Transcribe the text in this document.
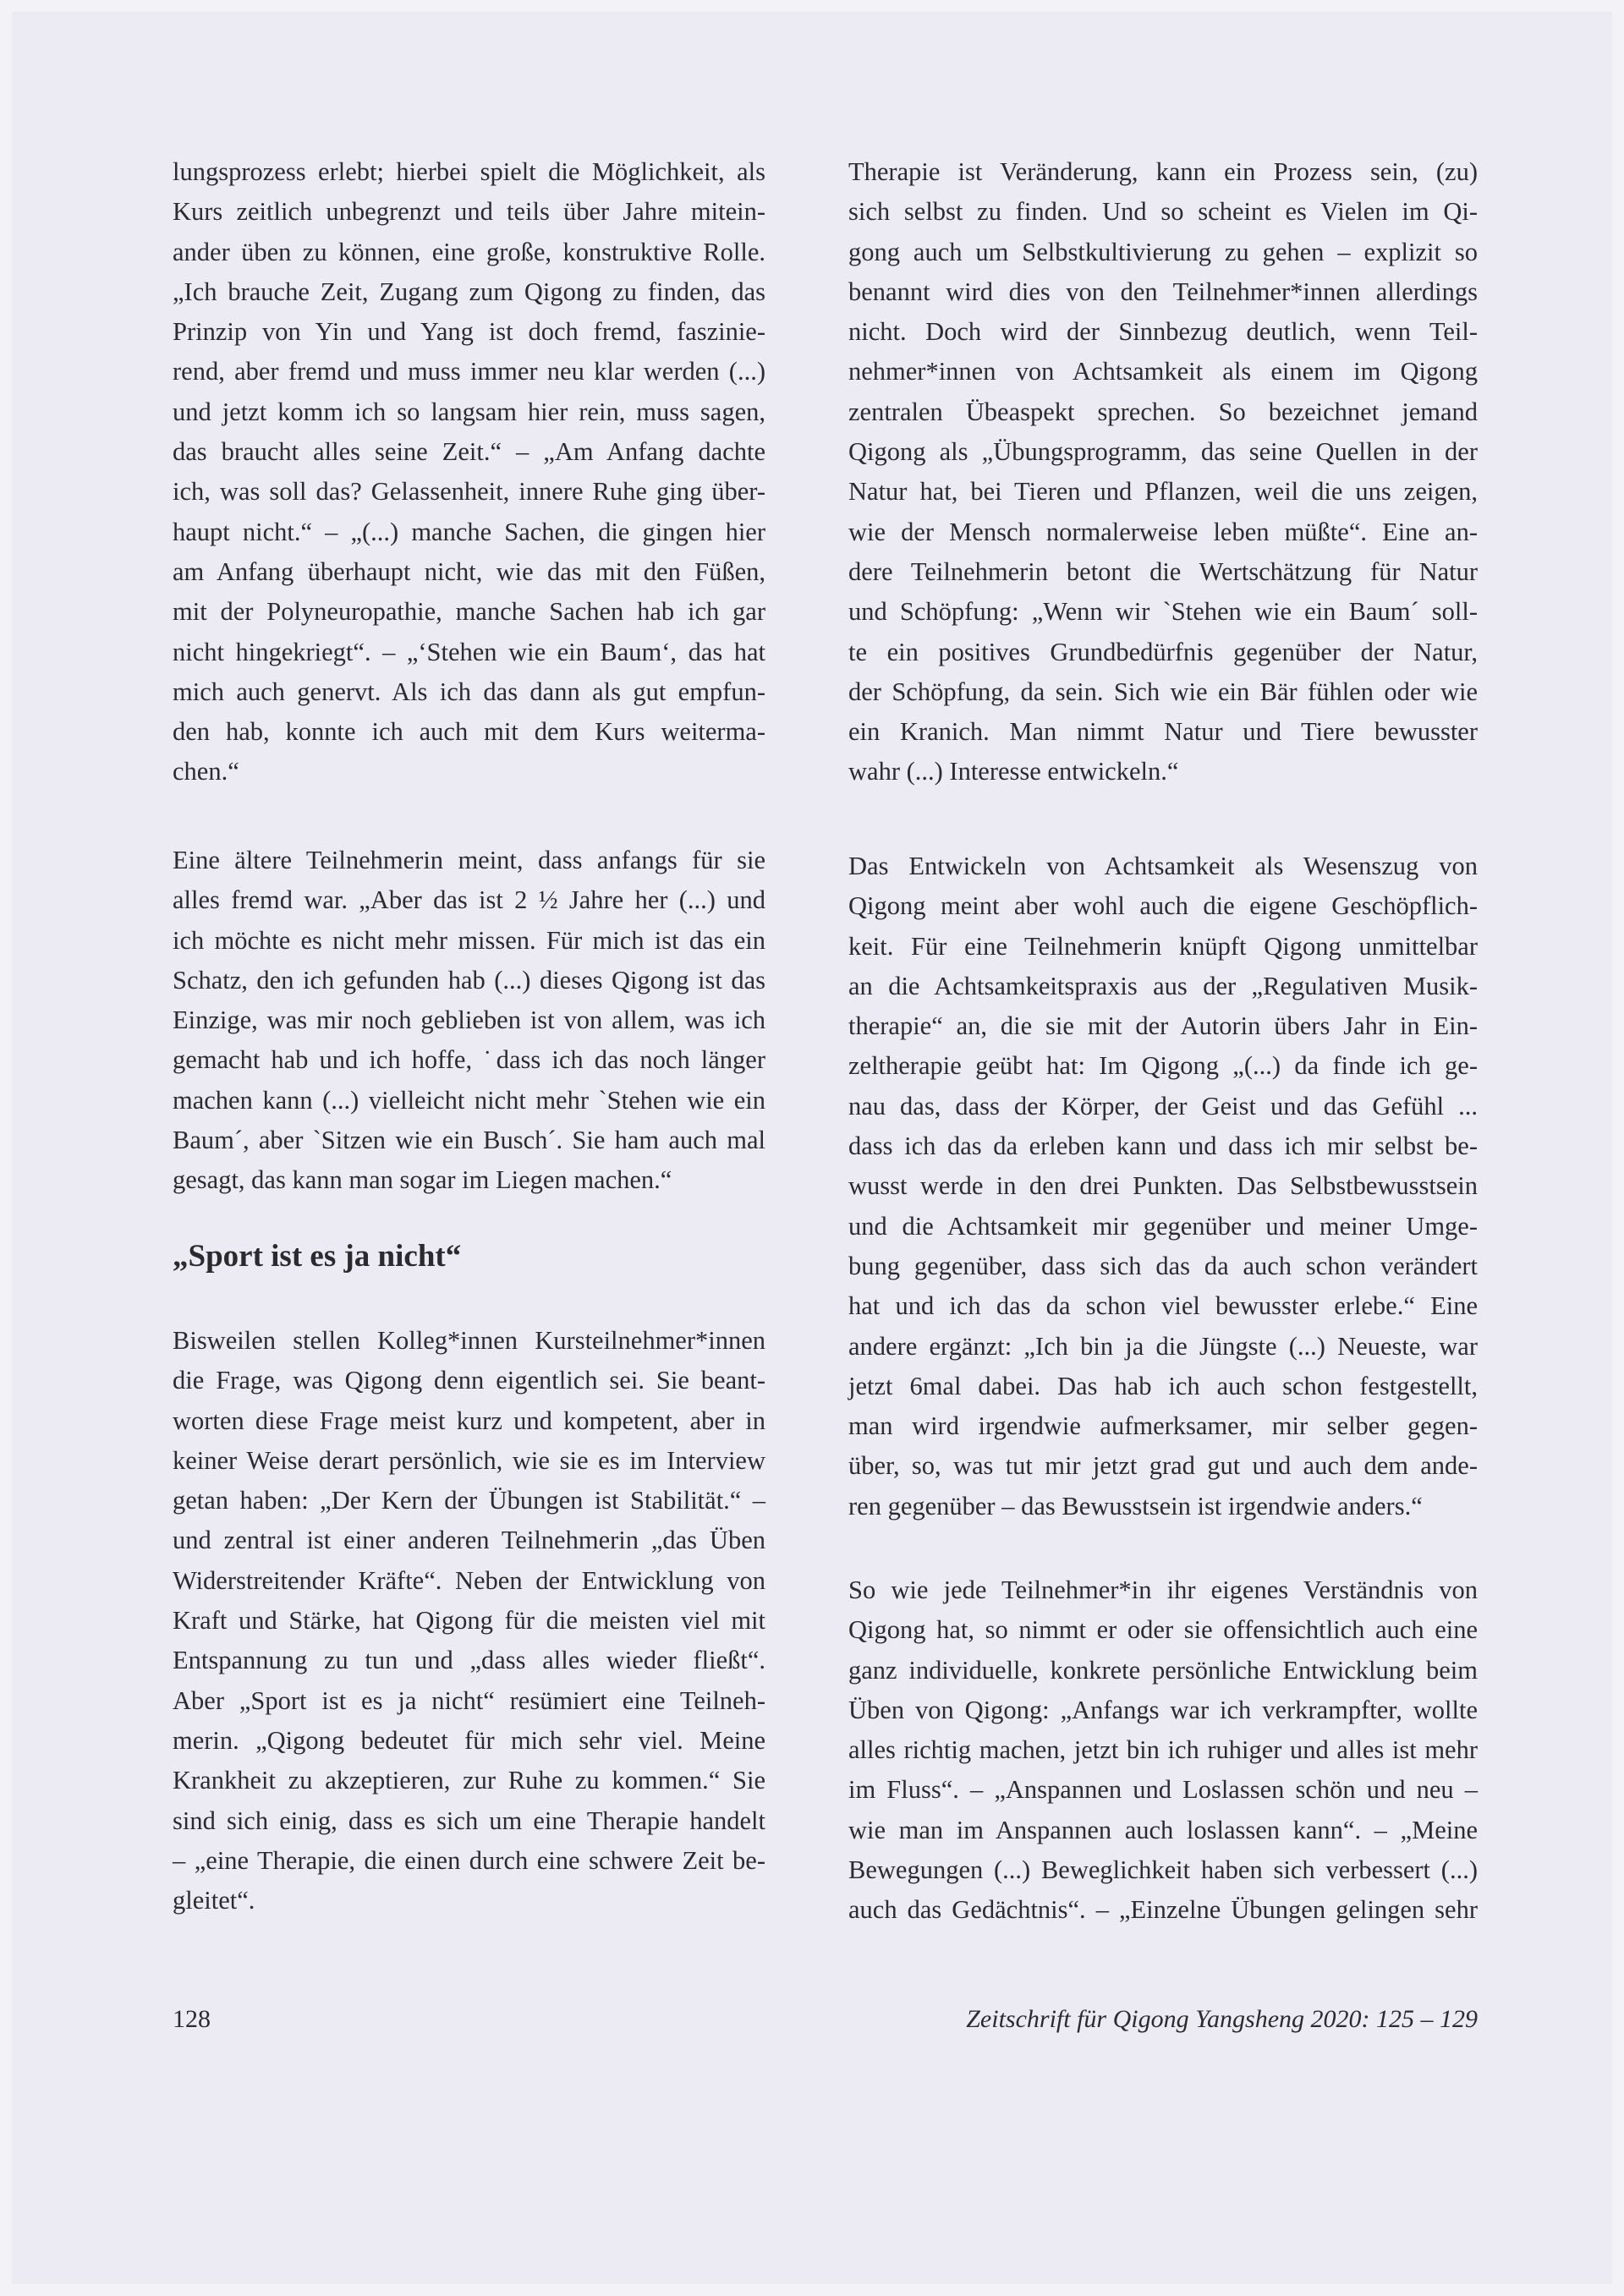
lungsprozess erlebt; hierbei spielt die Möglichkeit, als
Kurs zeitlich unbegrenzt und teils über Jahre mitein-
ander üben zu können, eine große, konstruktive Rolle.
„Ich brauche Zeit, Zugang zum Qigong zu finden, das
Prinzip von Yin und Yang ist doch fremd, faszinie-
rend, aber fremd und muss immer neu klar werden (...)
und jetzt komm ich so langsam hier rein, muss sagen,
das braucht alles seine Zeit.“ – „Am Anfang dachte
ich, was soll das? Gelassenheit, innere Ruhe ging über-
haupt nicht.“ – „(...) manche Sachen, die gingen hier
am Anfang überhaupt nicht, wie das mit den Füßen,
mit der Polyneuropathie, manche Sachen hab ich gar
nicht hingekriegt“. – „‘Stehen wie ein Baum‘, das hat
mich auch genervt. Als ich das dann als gut empfun-
den hab, konnte ich auch mit dem Kurs weiterma-
chen.“
Eine ältere Teilnehmerin meint, dass anfangs für sie
alles fremd war. „Aber das ist 2 ½ Jahre her (...) und
ich möchte es nicht mehr missen. Für mich ist das ein
Schatz, den ich gefunden hab (...) dieses Qigong ist das
Einzige, was mir noch geblieben ist von allem, was ich
gemacht hab und ich hoffe, ˙dass ich das noch länger
machen kann (...) vielleicht nicht mehr `Stehen wie ein
Baum´, aber `Sitzen wie ein Busch´. Sie ham auch mal
gesagt, das kann man sogar im Liegen machen.“
„Sport ist es ja nicht“
Bisweilen stellen Kolleg*innen Kursteilnehmer*innen
die Frage, was Qigong denn eigentlich sei. Sie beant-
worten diese Frage meist kurz und kompetent, aber in
keiner Weise derart persönlich, wie sie es im Interview
getan haben: „Der Kern der Übungen ist Stabilität.“ –
und zentral ist einer anderen Teilnehmerin „das Üben
Widerstreitender Kräfte“. Neben der Entwicklung von
Kraft und Stärke, hat Qigong für die meisten viel mit
Entspannung zu tun und „dass alles wieder fließt“.
Aber „Sport ist es ja nicht“ resümiert eine Teilneh-
merin. „Qigong bedeutet für mich sehr viel. Meine
Krankheit zu akzeptieren, zur Ruhe zu kommen.“ Sie
sind sich einig, dass es sich um eine Therapie handelt
– „eine Therapie, die einen durch eine schwere Zeit be-
gleitet“.
Therapie ist Veränderung, kann ein Prozess sein, (zu)
sich selbst zu finden. Und so scheint es Vielen im Qi-
gong auch um Selbstkultivierung zu gehen – explizit so
benannt wird dies von den Teilnehmer*innen allerdings
nicht. Doch wird der Sinnbezug deutlich, wenn Teil-
nehmer*innen von Achtsamkeit als einem im Qigong
zentralen Übeaspekt sprechen. So bezeichnet jemand
Qigong als „Übungsprogramm, das seine Quellen in der
Natur hat, bei Tieren und Pflanzen, weil die uns zeigen,
wie der Mensch normalerweise leben müßte“. Eine an-
dere Teilnehmerin betont die Wertschätzung für Natur
und Schöpfung: „Wenn wir `Stehen wie ein Baum´ soll-
te ein positives Grundbedürfnis gegenüber der Natur,
der Schöpfung, da sein. Sich wie ein Bär fühlen oder wie
ein Kranich. Man nimmt Natur und Tiere bewusster
wahr (...) Interesse entwickeln.“
Das Entwickeln von Achtsamkeit als Wesenszug von
Qigong meint aber wohl auch die eigene Geschöpflich-
keit. Für eine Teilnehmerin knüpft Qigong unmittelbar
an die Achtsamkeitspraxis aus der „Regulativen Musik-
therapie“ an, die sie mit der Autorin übers Jahr in Ein-
zeltherapie geübt hat: Im Qigong „(...) da finde ich ge-
nau das, dass der Körper, der Geist und das Gefühl ...
dass ich das da erleben kann und dass ich mir selbst be-
wusst werde in den drei Punkten. Das Selbstbewusstsein
und die Achtsamkeit mir gegenüber und meiner Umge-
bung gegenüber, dass sich das da auch schon verändert
hat und ich das da schon viel bewusster erlebe.“ Eine
andere ergänzt: „Ich bin ja die Jüngste (...) Neueste, war
jetzt 6mal dabei. Das hab ich auch schon festgestellt,
man wird irgendwie aufmerksamer, mir selber gegen-
über, so, was tut mir jetzt grad gut und auch dem ande-
ren gegenüber – das Bewusstsein ist irgendwie anders.“
So wie jede Teilnehmer*in ihr eigenes Verständnis von
Qigong hat, so nimmt er oder sie offensichtlich auch eine
ganz individuelle, konkrete persönliche Entwicklung beim
Üben von Qigong: „Anfangs war ich verkrampfter, wollte
alles richtig machen, jetzt bin ich ruhiger und alles ist mehr
im Fluss“. – „Anspannen und Loslassen schön und neu –
wie man im Anspannen auch loslassen kann“. – „Meine
Bewegungen (...) Beweglichkeit haben sich verbessert (...)
auch das Gedächtnis“. – „Einzelne Übungen gelingen sehr
128	Zeitschrift für Qigong Yangsheng 2020: 125 – 129
